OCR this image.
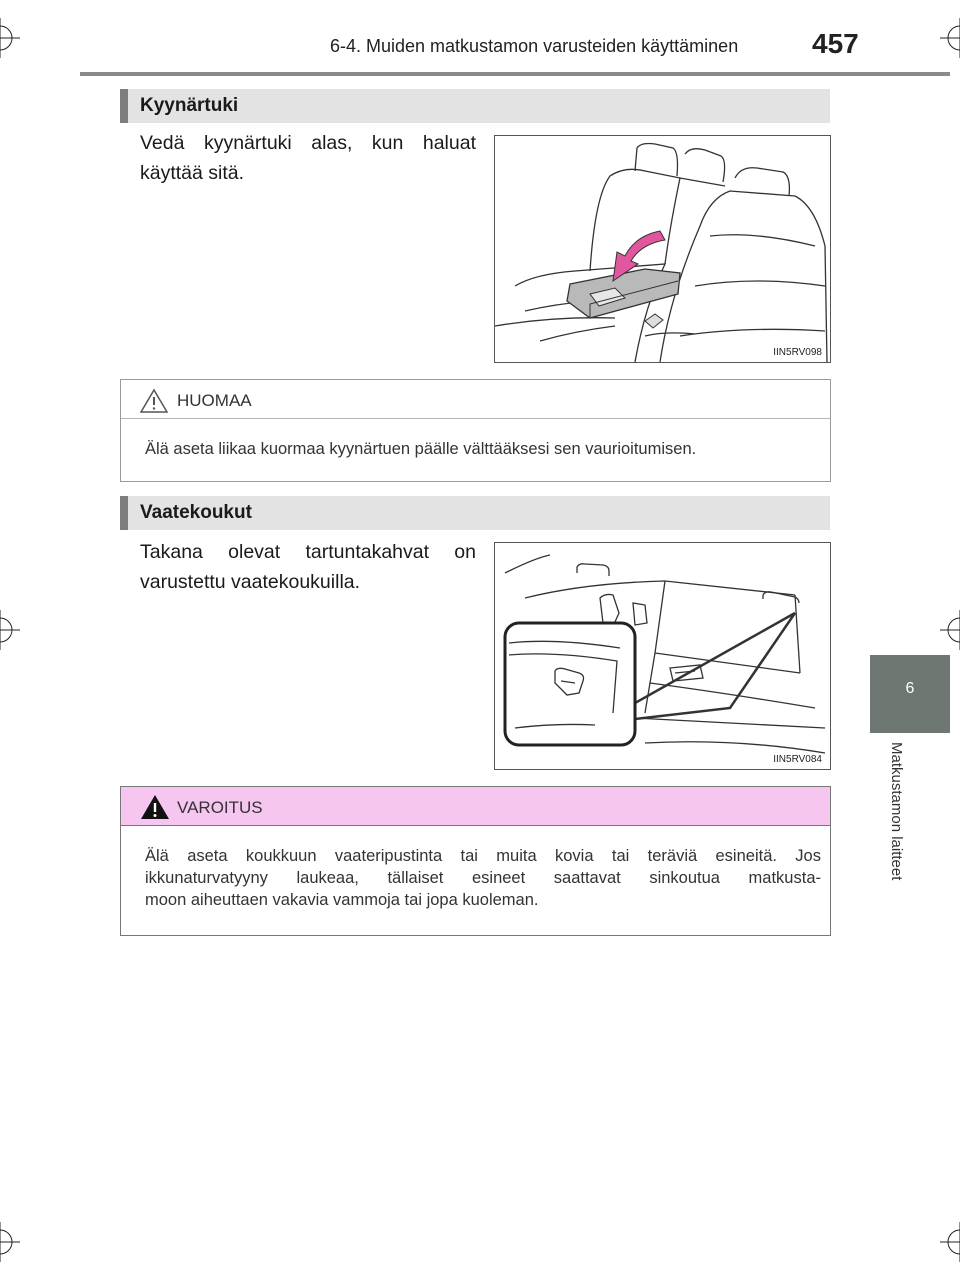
6-4. Muiden matkustamon varusteiden käyttäminen	457
6
Matkustamon laitteet
Kyynärtuki
Vedä kyynärtuki alas, kun haluat
käyttää sitä.
IIN5RV098
HUOMAA
Älä aseta liikaa kuormaa kyynärtuen päälle välttääksesi sen vaurioitumisen.
Vaatekoukut
Takana olevat tartuntakahvat on
varustettu vaatekoukuilla.
IIN5RV084
VAROITUS
Älä aseta koukkuun vaateripustinta tai muita kovia tai teräviä esineitä. Jos
ikkunaturvatyyny laukeaa, tällaiset esineet saattavat sinkoutua matkusta-
moon aiheuttaen vakavia vammoja tai jopa kuoleman.
